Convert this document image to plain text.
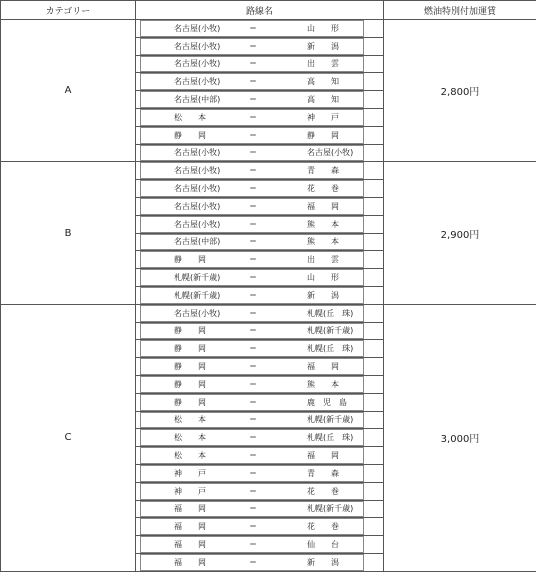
カテゴリー	路線名	燃油特別付加運賃
A	名古屋(小牧) ＝ 山　　形	2,800円

	名古屋(小牧) ＝ 新　　潟	

	名古屋(小牧) ＝ 出　　雲	

	名古屋(小牧) ＝ 高　　知	

	名古屋(中部) ＝ 高　　知	

	松　　本 ＝ 神　　戸	

	静　　岡 ＝ 静　　岡	

	名古屋(小牧) ＝ 名古屋(小牧)	

B	名古屋(小牧) ＝ 青　　森	2,900円

	名古屋(小牧) ＝ 花　　巻	

	名古屋(小牧) ＝ 福　　岡	

	名古屋(小牧) ＝ 熊　　本	

	名古屋(中部) ＝ 熊　　本	

	静　　岡 ＝ 出　　雲	

	札幌(新千歳) ＝ 山　　形	

	札幌(新千歳) ＝ 新　　潟	

C	名古屋(小牧) ＝ 札幌(丘　珠)	3,000円

	静　　岡 ＝ 札幌(新千歳)	

	静　　岡 ＝ 札幌(丘　珠)	

	静　　岡 ＝ 福　　岡	

	静　　岡 ＝ 熊　　本	

	静　　岡 ＝ 鹿　児　島	

	松　　本 ＝ 札幌(新千歳)	

	松　　本 ＝ 札幌(丘　珠)	

	松　　本 ＝ 福　　岡	

	神　　戸 ＝ 青　　森	

	神　　戸 ＝ 花　　巻	

	福　　岡 ＝ 札幌(新千歳)	

	福　　岡 ＝ 花　　巻	

	福　　岡 ＝ 仙　　台	

	福　　岡 ＝ 新　　潟	
